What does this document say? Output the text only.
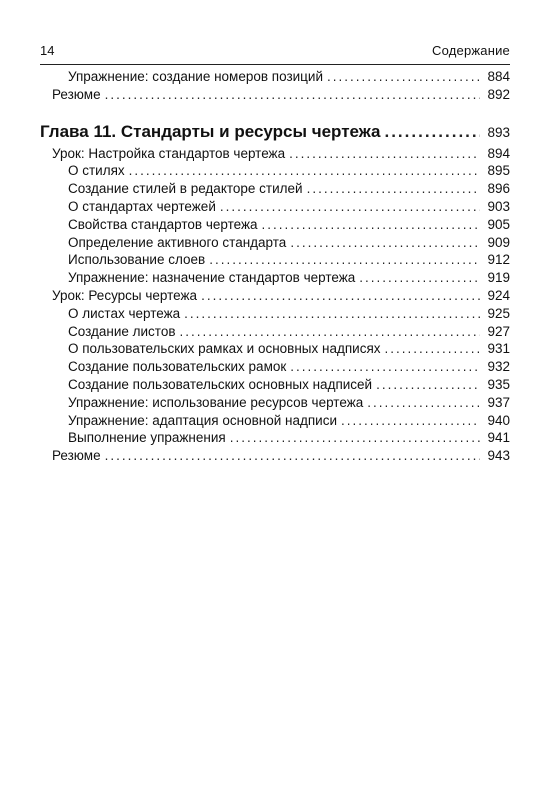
14	Содержание
Упражнение: создание номеров позиций .....	884
Резюме .....	892
Глава 11. Стандарты и ресурсы чертежа .....	893
Урок: Настройка стандартов чертежа .....	894
О стилях .....	895
Создание стилей в редакторе стилей .....	896
О стандартах чертежей .....	903
Свойства стандартов чертежа .....	905
Определение активного стандарта .....	909
Использование слоев .....	912
Упражнение: назначение стандартов чертежа .....	919
Урок: Ресурсы чертежа .....	924
О листах чертежа .....	925
Создание листов .....	927
О пользовательских рамках и основных надписях .....	931
Создание пользовательских рамок .....	932
Создание пользовательских основных надписей .....	935
Упражнение: использование ресурсов чертежа .....	937
Упражнение: адаптация основной надписи .....	940
Выполнение упражнения .....	941
Резюме .....	943
